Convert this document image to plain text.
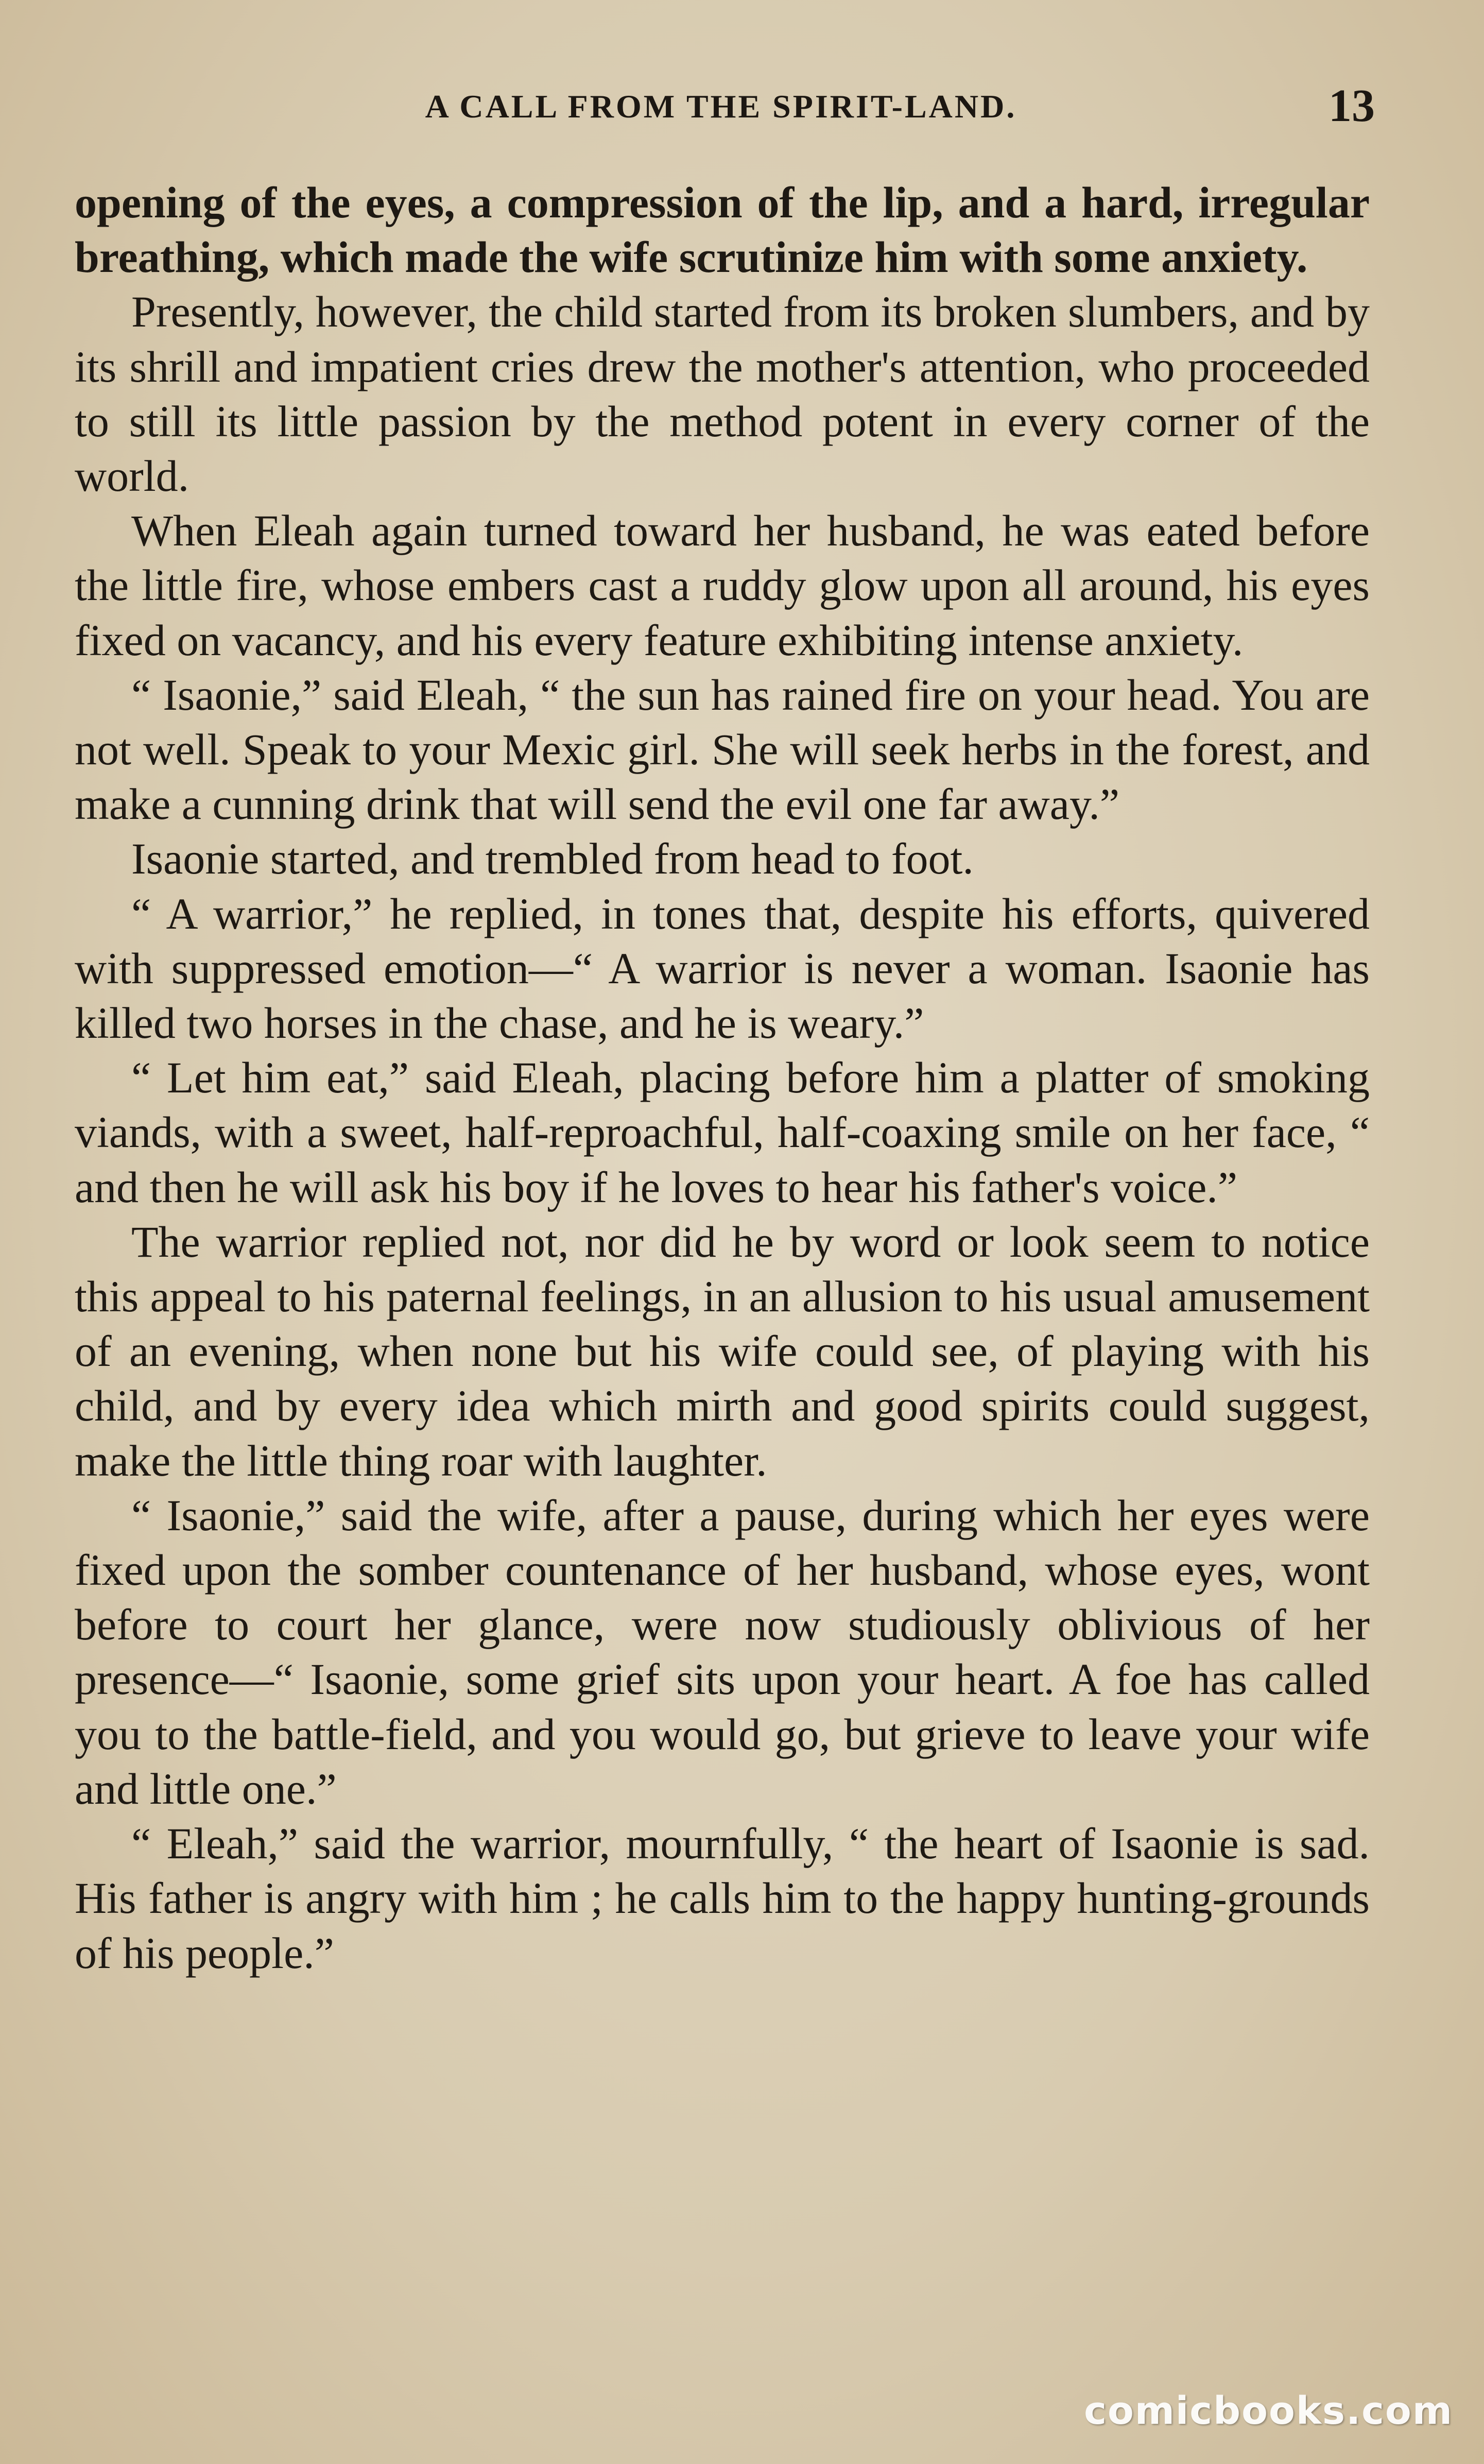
A CALL FROM THE SPIRIT-LAND.	13

opening of the eyes, a compression of the lip, and a hard, irregular breathing, which made the wife scrutinize him with some anxiety.

Presently, however, the child started from its broken slumbers, and by its shrill and impatient cries drew the mother's attention, who proceeded to still its little passion by the method potent in every corner of the world.

When Eleah again turned toward her husband, he was eated before the little fire, whose embers cast a ruddy glow upon all around, his eyes fixed on vacancy, and his every feature exhibiting intense anxiety.

“ Isaonie,” said Eleah, “ the sun has rained fire on your head. You are not well. Speak to your Mexic girl. She will seek herbs in the forest, and make a cunning drink that will send the evil one far away.”

Isaonie started, and trembled from head to foot.

“ A warrior,” he replied, in tones that, despite his efforts, quivered with suppressed emotion—“ A warrior is never a woman. Isaonie has killed two horses in the chase, and he is weary.”

“ Let him eat,” said Eleah, placing before him a platter of smoking viands, with a sweet, half-reproachful, half-coaxing smile on her face, “ and then he will ask his boy if he loves to hear his father's voice.”

The warrior replied not, nor did he by word or look seem to notice this appeal to his paternal feelings, in an allusion to his usual amusement of an evening, when none but his wife could see, of playing with his child, and by every idea which mirth and good spirits could suggest, make the little thing roar with laughter.

“ Isaonie,” said the wife, after a pause, during which her eyes were fixed upon the somber countenance of her husband, whose eyes, wont before to court her glance, were now studiously oblivious of her presence—“ Isaonie, some grief sits upon your heart. A foe has called you to the battle-field, and you would go, but grieve to leave your wife and little one.”

“ Eleah,” said the warrior, mournfully, “ the heart of Isaonie is sad. His father is angry with him ; he calls him to the happy hunting-grounds of his people.”

comicbooks.com
